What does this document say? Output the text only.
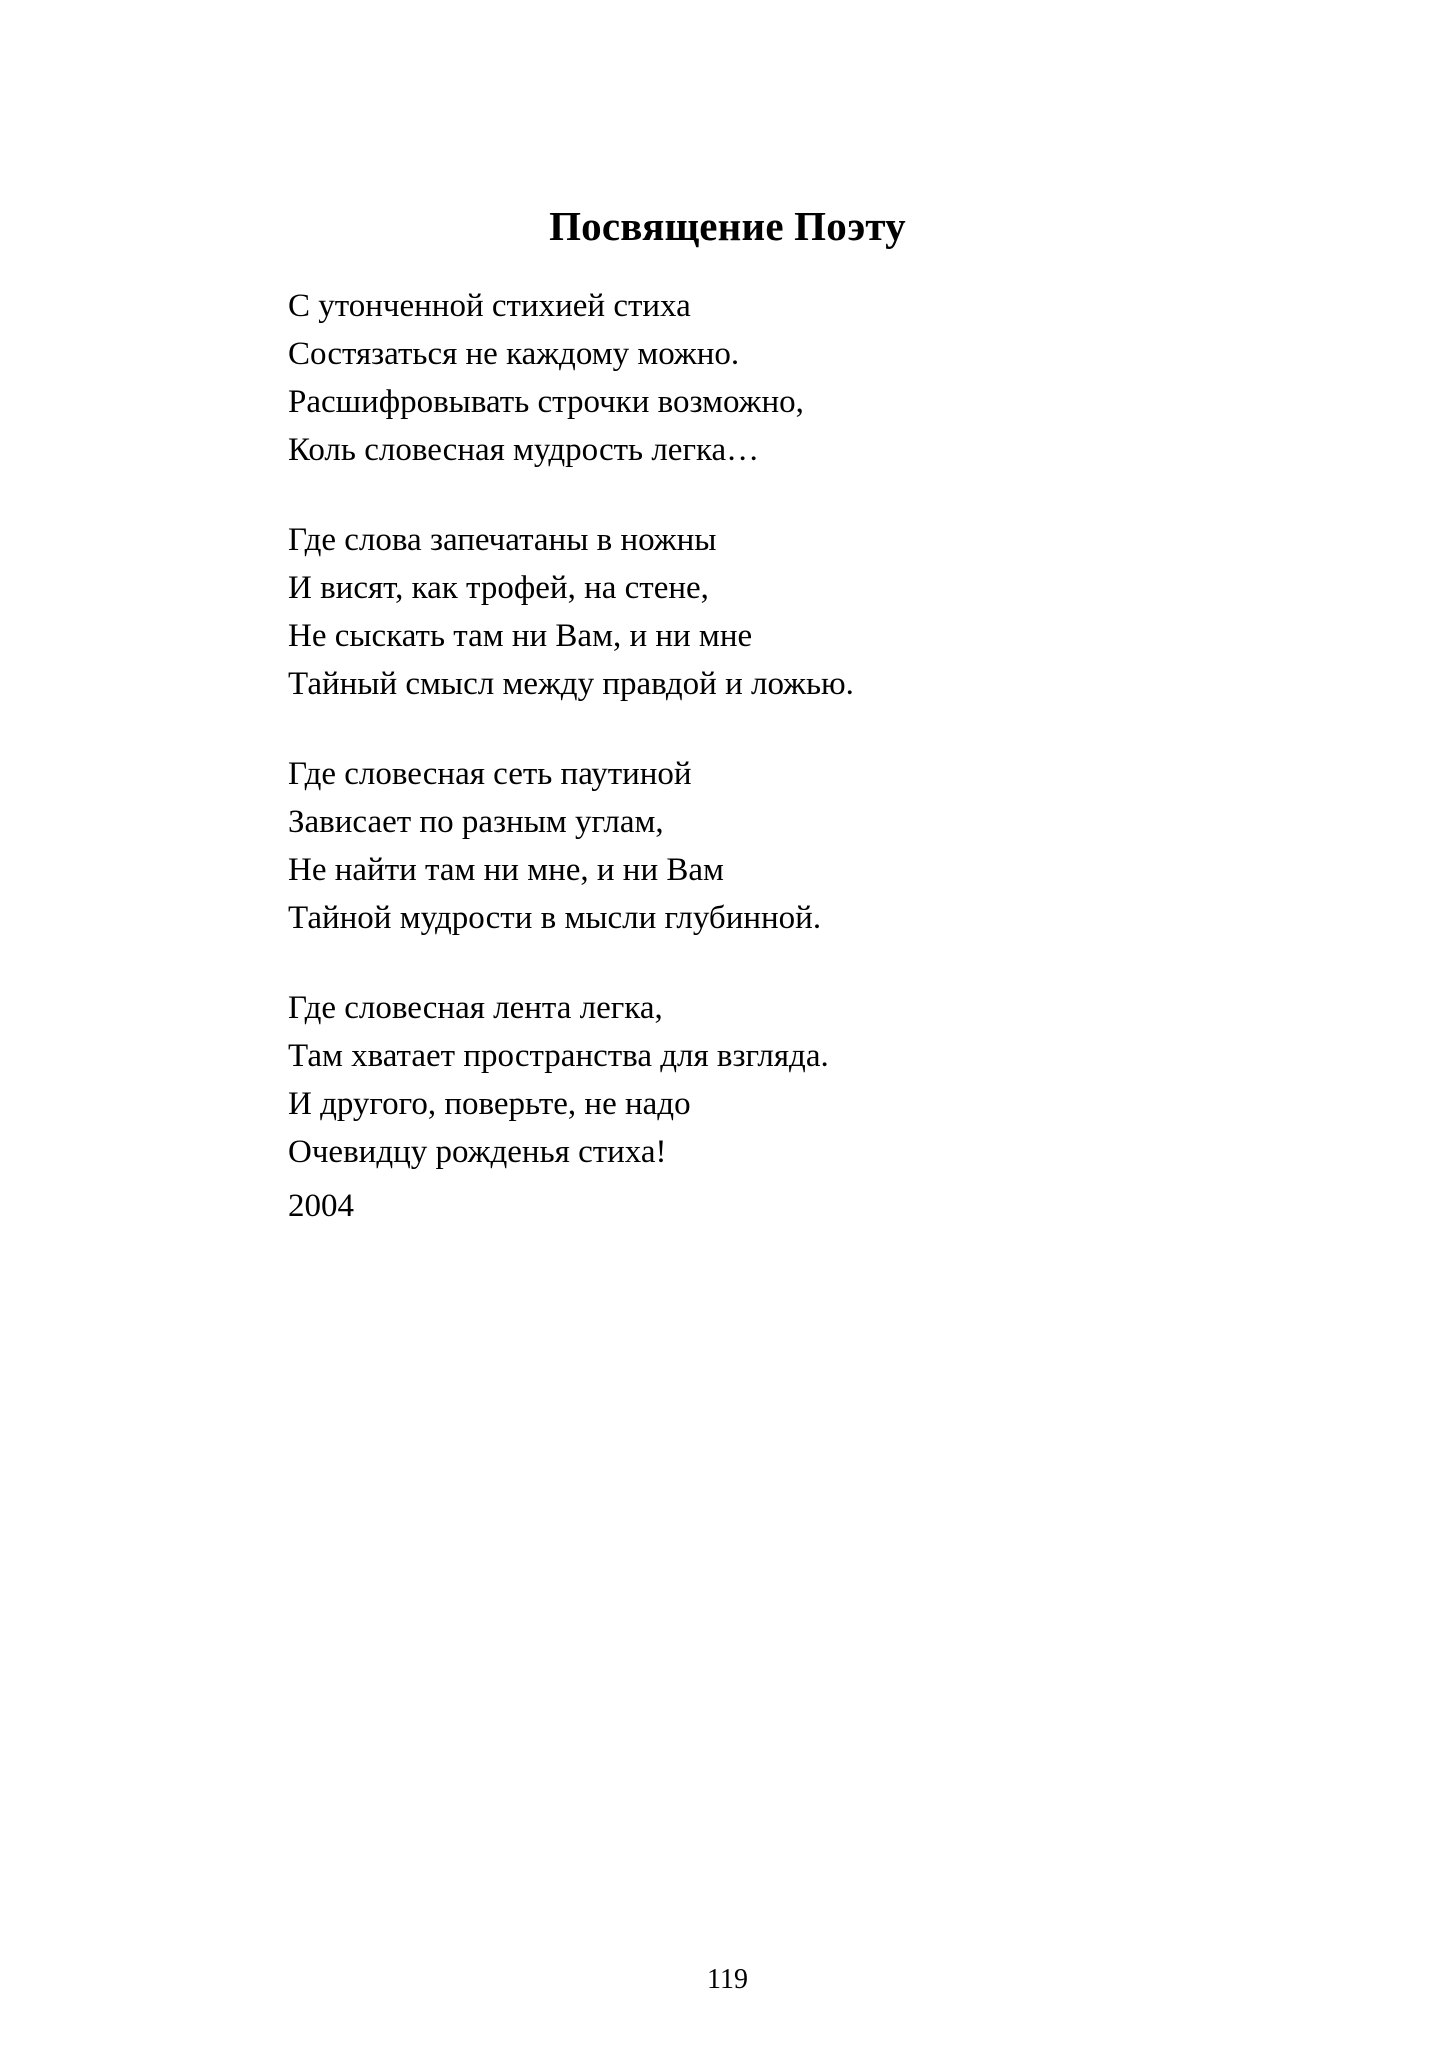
Посвящение Поэту
С утонченной стихией стиха
Состязаться не каждому можно.
Расшифровывать строчки возможно,
Коль словесная мудрость легка…
Где слова запечатаны в ножны
И висят, как трофей, на стене,
Не сыскать там ни Вам, и ни мне
Тайный смысл между правдой и ложью.
Где словесная сеть паутиной
Зависает по разным углам,
Не найти там ни мне, и ни Вам
Тайной мудрости в мысли глубинной.
Где словесная лента легка,
Там хватает пространства для взгляда.
И другого, поверьте, не надо
Очевидцу рожденья стиха!
2004
119
